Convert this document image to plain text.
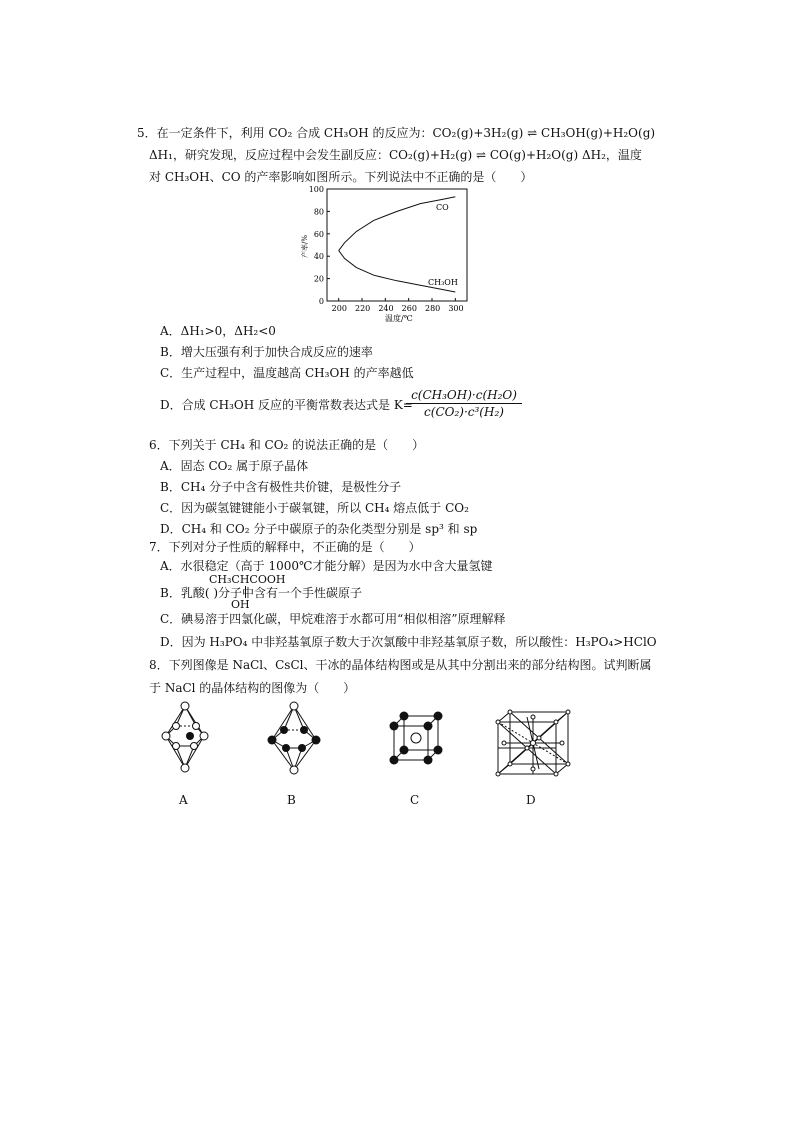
5．在一定条件下，利用 CO₂ 合成 CH₃OH 的反应为：CO₂(g)+3H₂(g) ⇌ CH₃OH(g)+H₂O(g)
ΔH₁，研究发现，反应过程中会发生副反应：CO₂(g)+H₂(g) ⇌ CO(g)+H₂O(g) ΔH₂，温度
对 CH₃OH、CO 的产率影响如图所示。下列说法中不正确的是（　　）
200 220 240 260 280 300
0
20
40
60
80
100
CO
CH₃OH
温度/℃
产率/%
A．ΔH₁>0，ΔH₂<0
B．增大压强有利于加快合成反应的速率
C．生产过程中，温度越高 CH₃OH 的产率越低
D．合成 CH₃OH 反应的平衡常数表达式是 K=
$\frac{\text{c(CH₃OH)·c(H₂O)}}{\text{c(CO₂)·c³(H₂)}}$
6．下列关于 CH₄ 和 CO₂ 的说法正确的是（　　）
A．固态 CO₂ 属于原子晶体
B．CH₄ 分子中含有极性共价键，是极性分子
C．因为碳氢键键能小于碳氧键，所以 CH₄ 熔点低于 CO₂
D．CH₄ 和 CO₂ 分子中碳原子的杂化类型分别是 sp³ 和 sp
7．下列对分子性质的解释中，不正确的是（　　）
A．水很稳定（高于 1000℃才能分解）是因为水中含大量氢键
CH₃CHCOOH
OH
B．乳酸( )分子中含有一个手性碳原子
C．碘易溶于四氯化碳，甲烷难溶于水都可用“相似相溶”原理解释
D．因为 H₃PO₄ 中非羟基氧原子数大于次氯酸中非羟基氧原子数，所以酸性：H₃PO₄>HClO
8．下列图像是 NaCl、CsCl、干冰的晶体结构图或是从其中分割出来的部分结构图。试判断属
于 NaCl 的晶体结构的图像为（　　）
A	B	C	D
